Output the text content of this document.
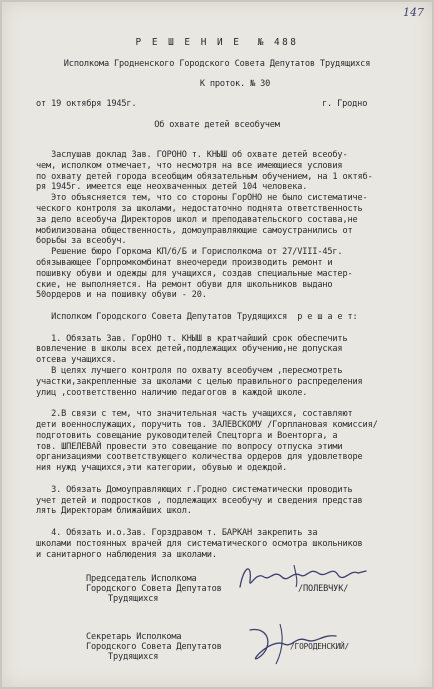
147
Р Е Ш Е Н И Е  № 488
Исполкома Гродненского Городского Совета Депутатов Трудящихся
К проток. № 30
от 19 октября 1945г.	г. Гродно
Об охвате детей всеобучем
Заслушав доклад Зав. ГОРОНО т. КНЫШ об охвате детей всеобу-
чем, исполком отмечает, что несмотря на все имеющиеся условия
по охвату детей города всеобщим обязательным обучением, на 1 октяб-
ря 1945г. имеется еще неохваченных детей 104 человека.
Это объясняется тем, что со стороны ГорОНО не было систематиче-
ческого контроля за школами, недостаточно поднята ответственность
за дело всеобуча Директоров школ и преподавательского состава,не
мобилизована общественность, домоуправляющие самоустранились от
борьбы за всеобуч.
Решение бюро Горкома КП/б/Б и Горисполкома от 27/VIII-45г.
обязывающее Горпромкомбинат внеочереди производить ремонт и
пошивку обуви и одежды для учащихся, создав специальные мастер-
ские, не выполняется. На ремонт обуви для школьников выдано
50ордеров и на пошивку обуви - 20.
Исполком Городского Совета Депутатов Трудящихся  р е ш а е т:
1. Обязать Зав. ГорОНО т. КНЫШ в кратчайший срок обеспечить
вовлечение в школы всех детей,подлежащих обучению,не допуская
отсева учащихся.
В целях лучшего контроля по охвату всеобучем ,пересмотреть
участки,закрепленные за школами с целью правильного распределения
улиц ,соответственно наличию педагогов в каждой школе.
2.В связи с тем, что значительная часть учащихся, составляют
дети военнослужащих, поручить тов. ЗАЛЕВСКОМУ /Горплановая комиссия/
подготовить совещание руководителей Спецторга и Военторга, а
тов. ШПЕЛЕВАЙ провести это совещание по вопросу отпуска этими
организациями соответствующего количества ордеров для удовлетворе
ния нужд учащихся,эти категории, обувью и одеждой.
3. Обязать Домоуправляющих г.Гродно систематически проводить
учет детей и подростков , подлежащих всеобучу и сведения представ
лять Директорам ближайших школ.
4. Обязать и.о.Зав. Горздравом т. БАРКАН закрепить за
школами постоянных врачей для систематического осмотра школьников
и санитарного наблюдения за школами.
Председатель Исполкома
Городского Совета Депутатов
Трудящихся
/ПОЛЕВЧУК/
Секретарь Исполкома
Городского Совета Депутатов
Трудящихся
/ГОРОДЕНСКИЙ/
